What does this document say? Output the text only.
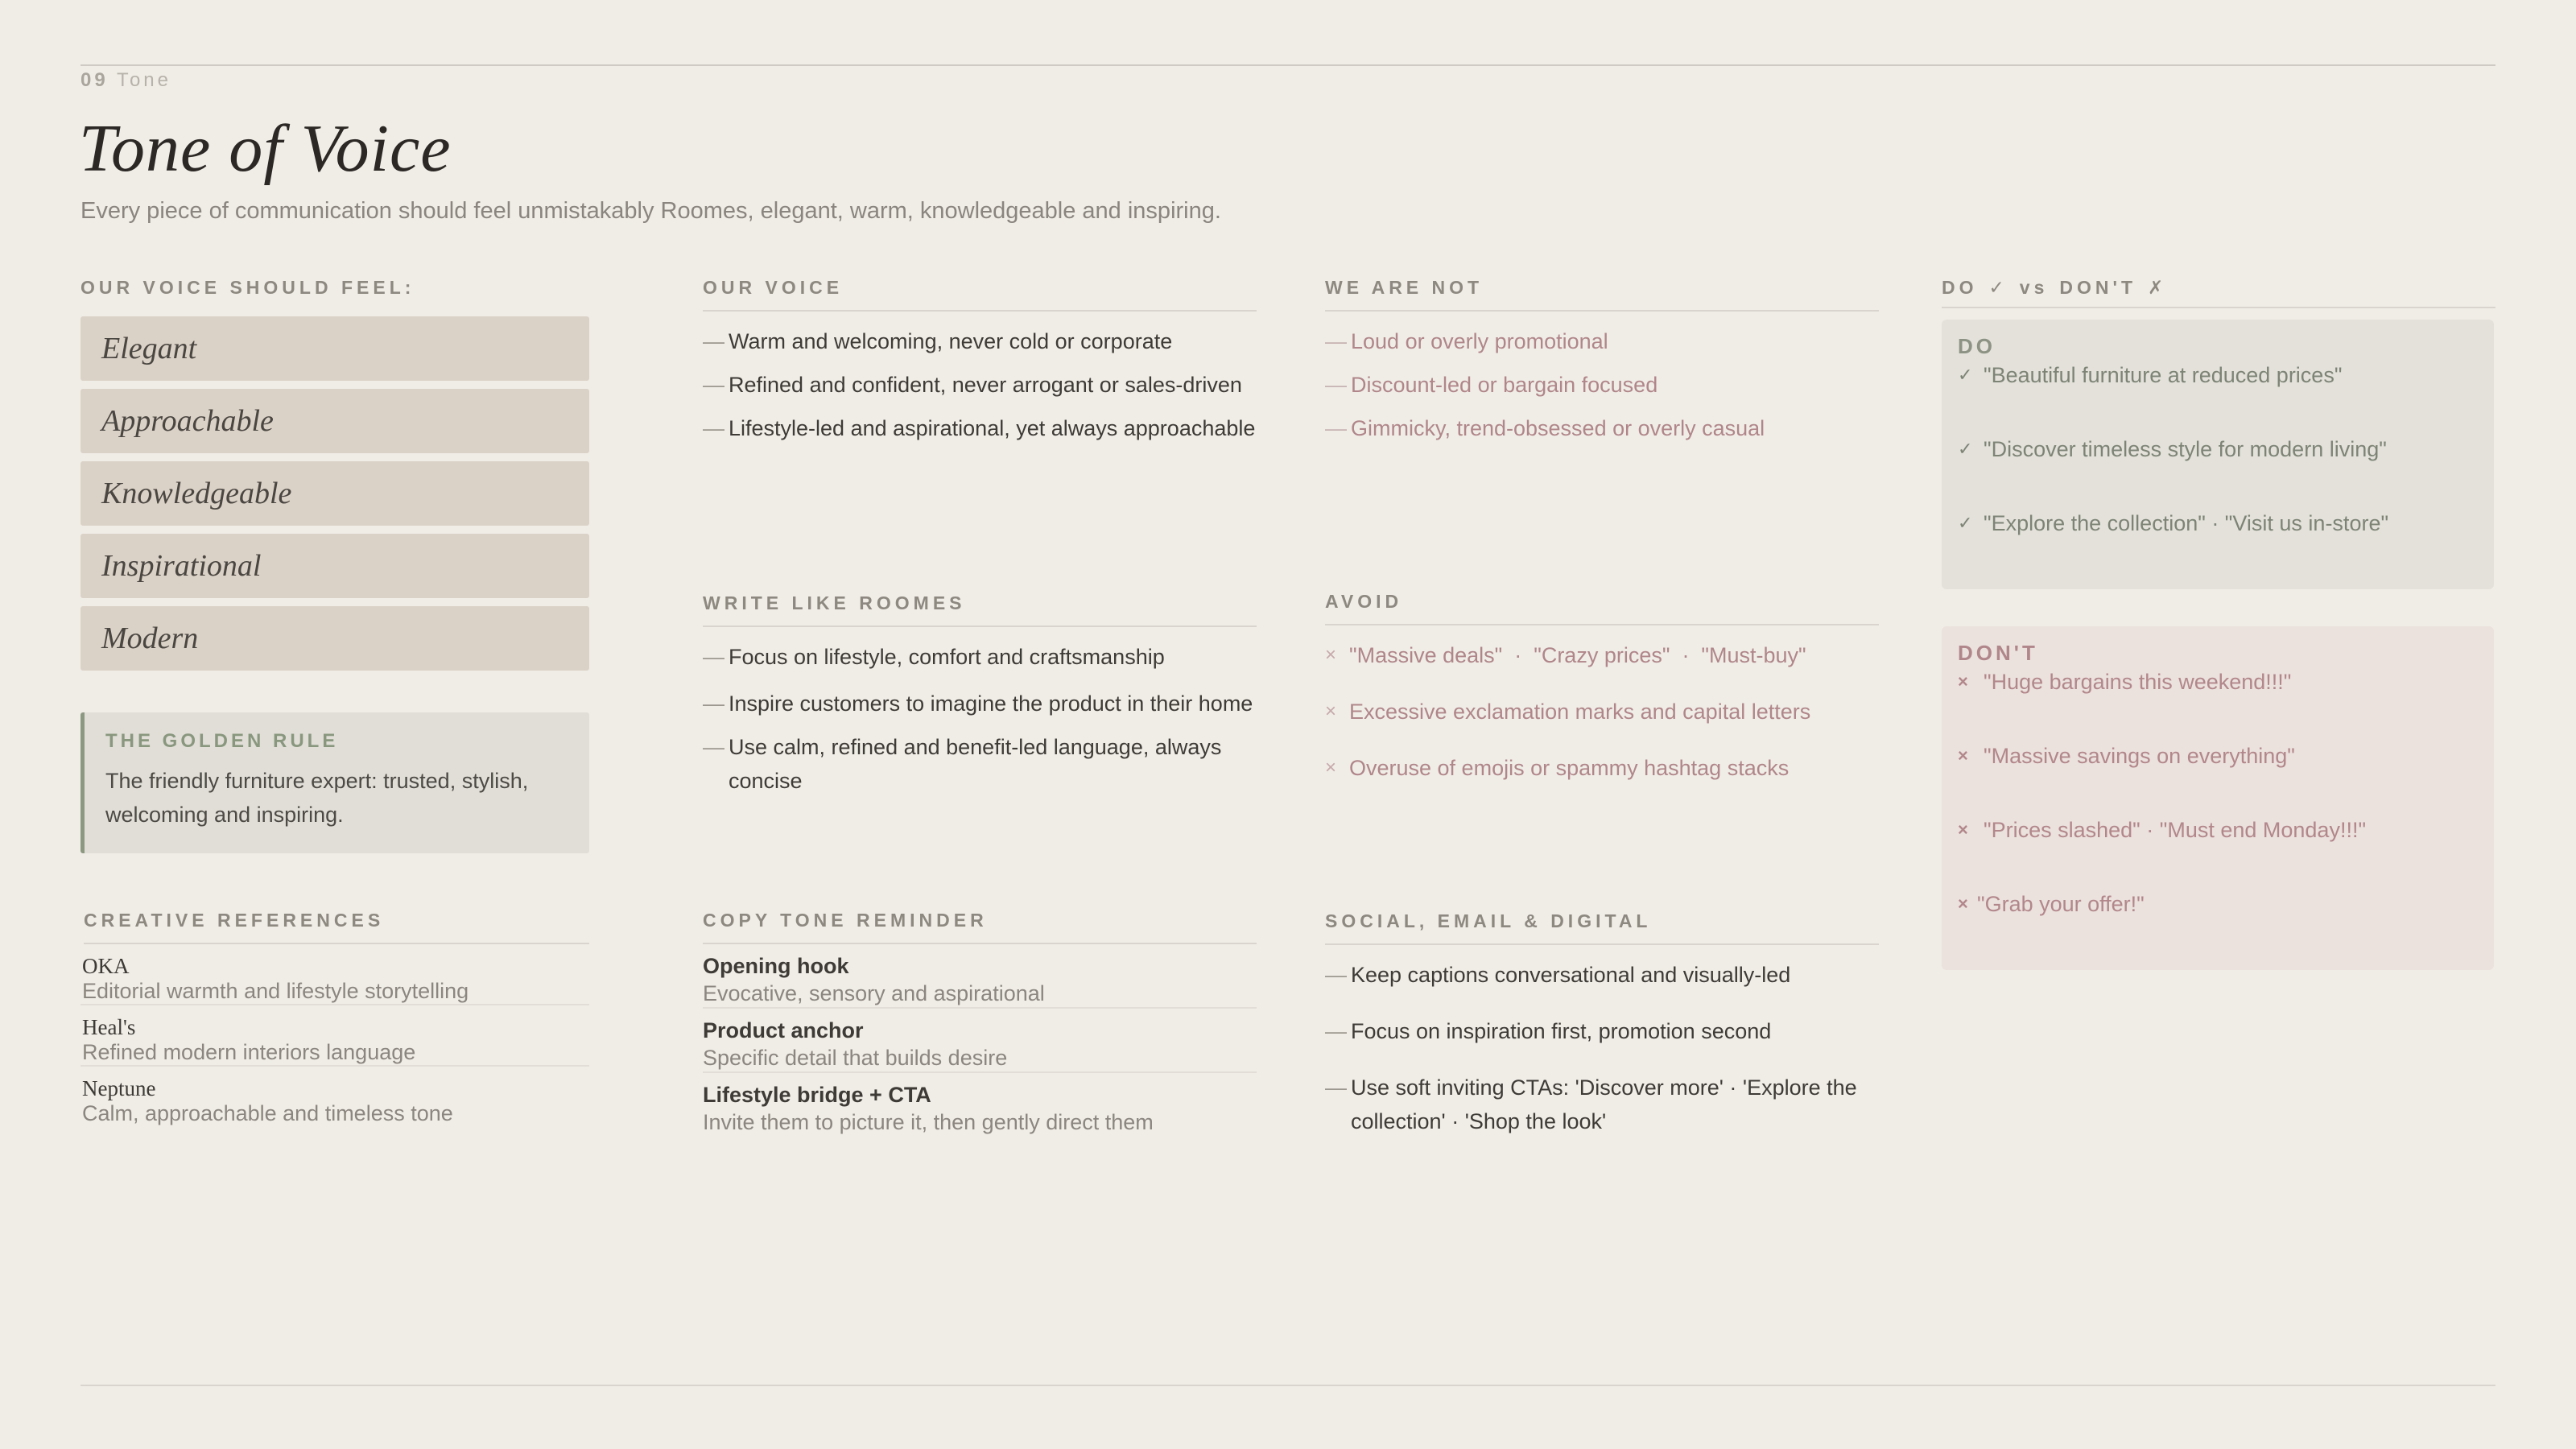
09 Tone
Tone of Voice
Every piece of communication should feel unmistakably Roomes, elegant, warm, knowledgeable and inspiring.
OUR VOICE SHOULD FEEL:
Elegant
Approachable
Knowledgeable
Inspirational
Modern
THE GOLDEN RULE
The friendly furniture expert: trusted, stylish, welcoming and inspiring.
CREATIVE REFERENCES
OKA
Editorial warmth and lifestyle storytelling
Heal's
Refined modern interiors language
Neptune
Calm, approachable and timeless tone
OUR VOICE
— Warm and welcoming, never cold or corporate
— Refined and confident, never arrogant or sales-driven
— Lifestyle-led and aspirational, yet always approachable
WRITE LIKE ROOMES
— Focus on lifestyle, comfort and craftsmanship
— Inspire customers to imagine the product in their home
— Use calm, refined and benefit-led language, always concise
COPY TONE REMINDER
Opening hook
Evocative, sensory and aspirational
Product anchor
Specific detail that builds desire
Lifestyle bridge + CTA
Invite them to picture it, then gently direct them
WE ARE NOT
— Loud or overly promotional
— Discount-led or bargain focused
— Gimmicky, trend-obsessed or overly casual
AVOID
× "Massive deals"  ·  "Crazy prices"  ·  "Must-buy"
× Excessive exclamation marks and capital letters
× Overuse of emojis or spammy hashtag stacks
SOCIAL, EMAIL & DIGITAL
— Keep captions conversational and visually-led
— Focus on inspiration first, promotion second
— Use soft inviting CTAs: 'Discover more' · 'Explore the collection' · 'Shop the look'
DO ✓ vs DON'T ✗
DO
✓ "Beautiful furniture at reduced prices"
✓ "Discover timeless style for modern living"
✓ "Explore the collection" · "Visit us in-store"
DON'T
× "Huge bargains this weekend!!!"
× "Massive savings on everything"
× "Prices slashed" · "Must end Monday!!!"
× "Grab your offer!"
